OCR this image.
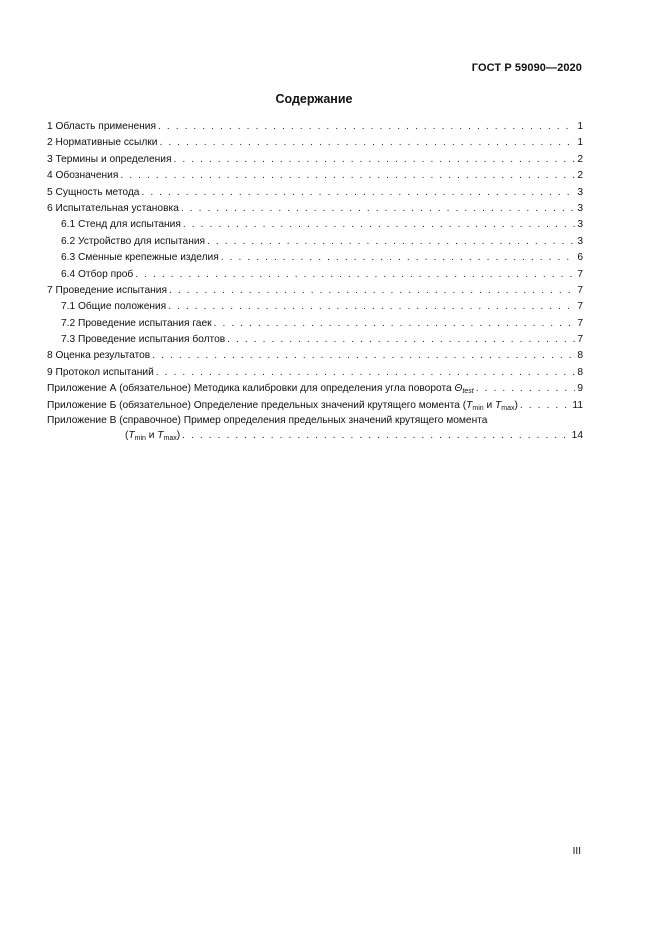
ГОСТ Р 59090—2020
Содержание
1 Область применения . . .	1
2 Нормативные ссылки . . .	1
3 Термины и определения . . .	2
4 Обозначения . . .	2
5 Сущность метода . . .	3
6 Испытательная установка . . .	3
6.1 Стенд для испытания . . .	3
6.2 Устройство для испытания . . .	3
6.3 Сменные крепежные изделия . . .	6
6.4 Отбор проб . . .	7
7 Проведение испытания . . .	7
7.1 Общие положения . . .	7
7.2 Проведение испытания гаек . . .	7
7.3 Проведение испытания болтов . . .	7
8 Оценка результатов . . .	8
9 Протокол испытаний . . .	8
Приложение А (обязательное) Методика калибровки для определения угла поворота $\Theta_{test}$ . . .	9
Приложение Б (обязательное) Определение предельных значений крутящего момента ($T_{min}$ и $T_{max}$) . . .	11
Приложение В (справочное) Пример определения предельных значений крутящего момента
($T_{min}$ и $T_{max}$) . . .	14
III
